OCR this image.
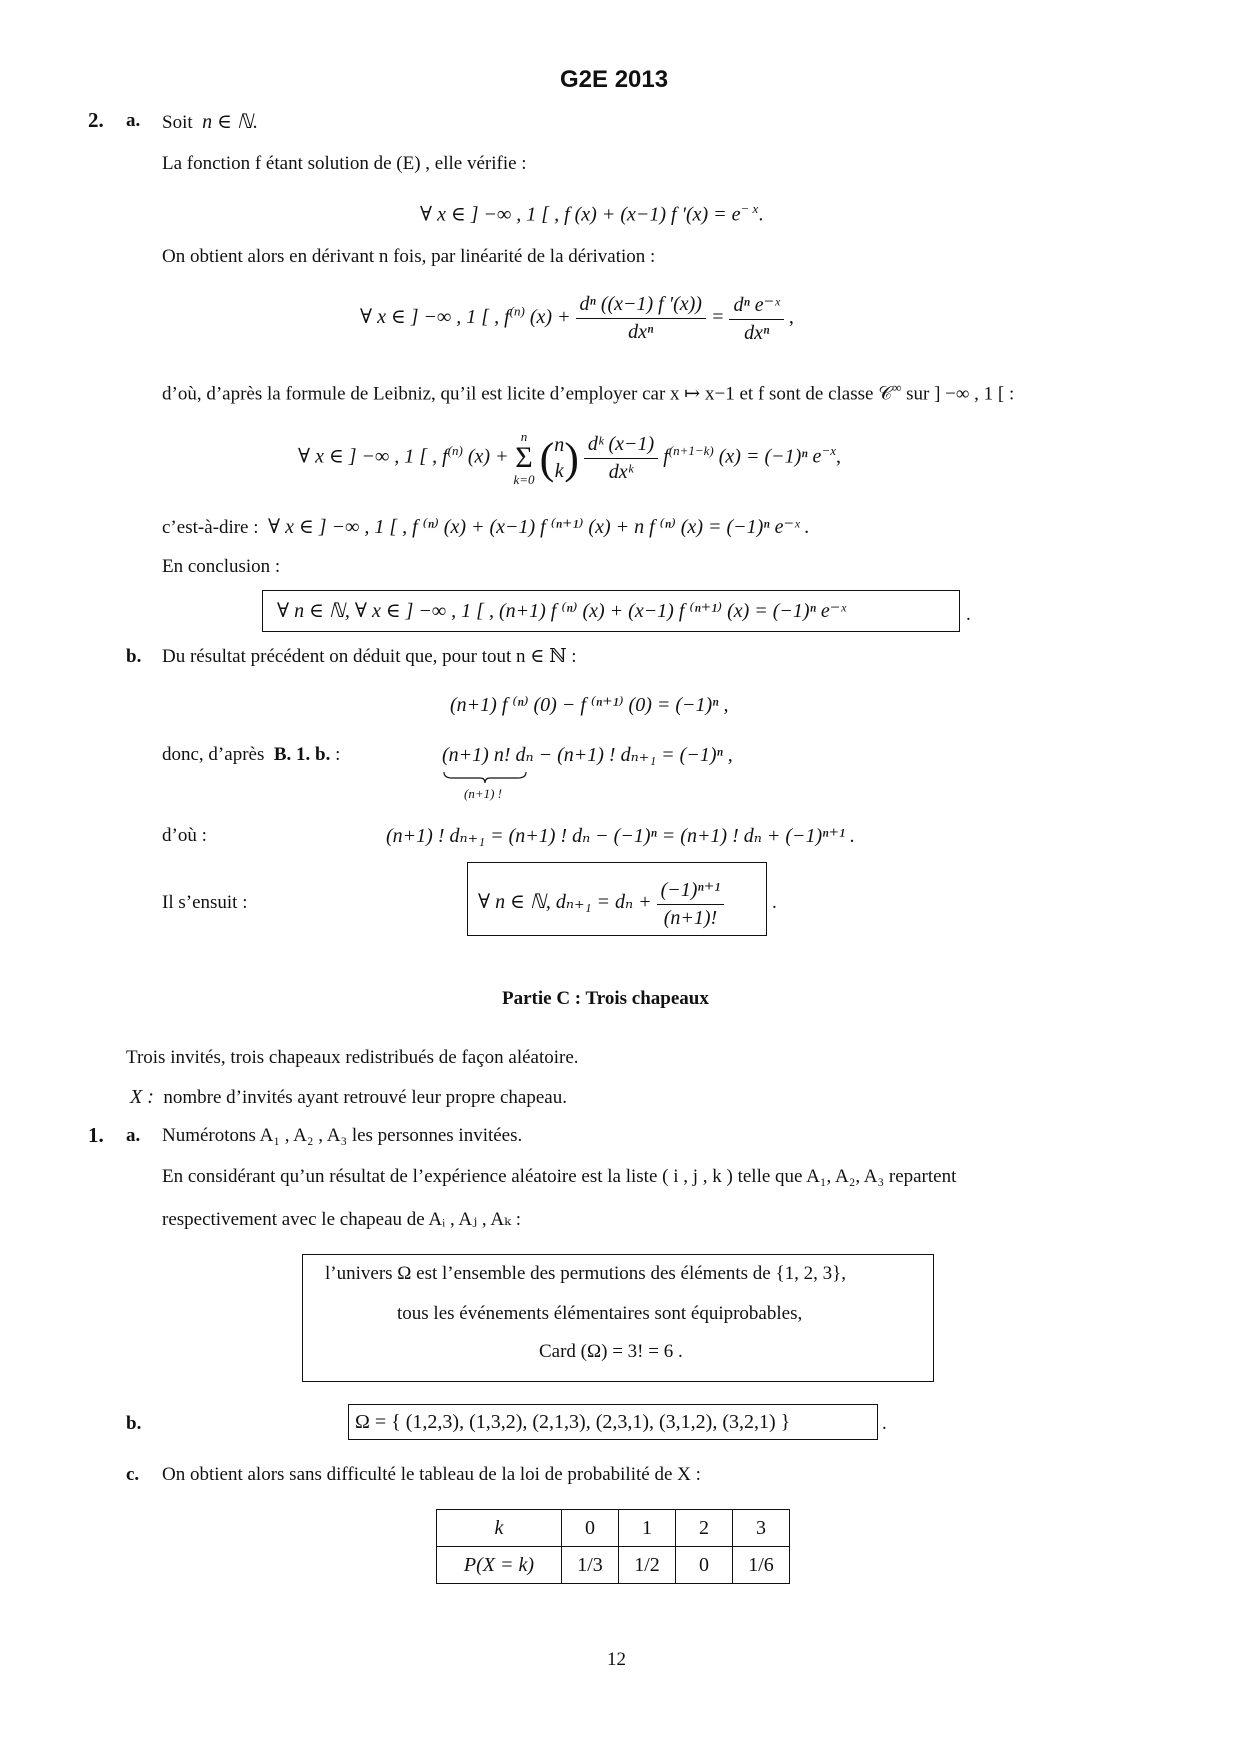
G2E 2013
2. a. Soit n ∈ ℕ.
La fonction f étant solution de (E) , elle vérifie :
∀ x ∈ ] −∞ , 1 [ , f (x) + (x−1) f $'(x) = e^{- x}$.
On obtient alors en dérivant n fois, par linéarité de la dérivation :
∀ x ∈ ] −∞ , 1 [ , $f^{(n)}$ $(x) + \frac{\text{dⁿ ((x−1) f ′(x))}}{\text{dxⁿ}} = \frac{\text{dⁿ e⁻ˣ}}{\text{dxⁿ}}$ ,
d’où, d’après la formule de Leibniz, qu’il est licite d’employer car x ↦ x−1 et f sont de classe 𝒞∞ sur ] −∞ , 1 [ :
∀ x ∈ ] −∞ , 1 [ , $f^{(n)}$ (x) +
n
Σ
k=0 ( n
k ) $\frac{\text{dᵏ (x−1)}}{\text{dxᵏ}} f^{(n+1-k)}$ (x) = (−1)ⁿ $e^{-x}$,
c’est-à-dire : ∀ x ∈ ] −∞ , 1 [ , f ⁽ⁿ⁾ (x) + (x−1) f ⁽ⁿ⁺¹⁾ (x) + n f ⁽ⁿ⁾ (x) = (−1)ⁿ e⁻ˣ .
En conclusion :
∀ n ∈ ℕ, ∀ x ∈ ] −∞ , 1 [ , (n+1) f ⁽ⁿ⁾ (x) + (x−1) f ⁽ⁿ⁺¹⁾ (x) = (−1)ⁿ e⁻ˣ	.
b. Du résultat précédent on déduit que, pour tout n ∈ ℕ :
(n+1) f ⁽ⁿ⁾ (0) − f ⁽ⁿ⁺¹⁾ (0) = (−1)ⁿ ,
donc, d’après B. 1. b. :	(n+1) n!
(n+1) !
dₙ − (n+1) ! dₙ₊₁ = (−1)ⁿ ,
d’où :	(n+1) ! dₙ₊₁ = (n+1) ! dₙ − (−1)ⁿ = (n+1) ! dₙ + (−1)ⁿ⁺¹ .
Il s’ensuit :	∀ n ∈ ℕ, $d_{n+1} = d_n + \frac{\text{(−1)ⁿ⁺¹}}{(n+1)!}$	.
Partie C : Trois chapeaux
Trois invités, trois chapeaux redistribués de façon aléatoire.
X : nombre d’invités ayant retrouvé leur propre chapeau.
1. a. Numérotons A₁ , A₂ , A₃ les personnes invitées.
En considérant qu’un résultat de l’expérience aléatoire est la liste ( i , j , k ) telle que A₁, A₂, A₃ repartent
respectivement avec le chapeau de Aᵢ , Aⱼ , Aₖ :
l’univers Ω est l’ensemble des permutions des éléments de {1, 2, 3},
tous les événements élémentaires sont équiprobables,
Card (Ω) = 3! = 6 .
b.	Ω = { (1,2,3), (1,3,2), (2,1,3), (2,3,1), (3,1,2), (3,2,1) }	.
c. On obtient alors sans difficulté le tableau de la loi de probabilité de X :
k	0	1	2	3
P(X = k)	1/3	1/2	0	1/6
12
